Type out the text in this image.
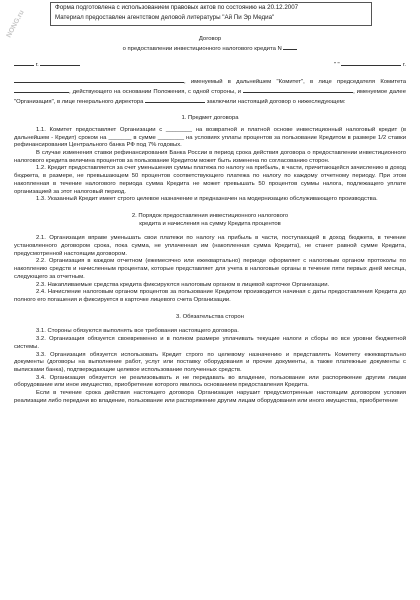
NONG.ru
Форма подготовлена с использованием правовых актов по состоянию на 20.12.2007
Материал предоставлен агентством деловой литературы "Ай Пи Эр Медиа"
Договор
о предоставлении инвестиционного налогового кредита N
г.	" "	г.
, именуемый в дальнейшем "Комитет", в лице председателя Комитета , действующего на основании Положения, с одной стороны, и	, именуемое далее "Организация", в лице генерального директора	заключили настоящий договор о нижеследующем:
1. Предмет договора

1.1. Комитет предоставляет Организации с ________ на возвратной и платной основе инвестиционный налоговый кредит (в дальнейшем - Кредит) сроком на _______ в сумме ________ на условиях уплаты процентов за пользование Кредитом в размере 1/2 ставки рефинансирования Центрального банка РФ под 7% годовых.

В случае изменения ставки рефинансирования Банка России в период срока действия договора о предоставлении инвестиционного налогового кредита величина процентов за пользование Кредитом может быть изменена по согласованию сторон.

1.2. Кредит предоставляется за счет уменьшения суммы платежа по налогу на прибыль, в части, причитающейся зачислению в доход бюджета, в размере, не превышающем 50 процентов соответствующего платежа по налогу по каждому отчетному периоду. При этом накопленная в течение налогового периода сумма Кредита не может превышать 50 процентов суммы налога, подлежащего уплате организацией за этот налоговый период.

1.3. Указанный Кредит имеет строго целевое назначение и предназначен на модернизацию обслуживающего производства.

2. Порядок предоставления инвестиционного налогового
кредита и начисления на сумму Кредита процентов

2.1. Организация вправе уменьшать свои платежи по налогу на прибыль в части, поступающей в доход бюджета, в течение установленного договором срока, пока сумма, не уплаченная им (накопленная сумма Кредита), не станет равной сумме Кредита, предусмотренной настоящим договором.

2.2. Организация в каждом отчетном (ежемесячно или ежеквартально) периоде оформляет с налоговым органом протоколы по накоплению средств и начисленным процентам, которые представляет для учета в налоговые органы в течение пяти первых дней месяца, следующего за отчетным.

2.3. Накапливаемые средства кредита фиксируются налоговым органом в лицевой карточке Организации.

2.4. Начисление налоговым органом процентов за пользование Кредитом производится начиная с даты предоставления Кредита до полного его погашения и фиксируется в карточке лицевого счета Организации.

3. Обязательства сторон

3.1. Стороны обязуются выполнять все требования настоящего договора.

3.2. Организация обязуется своевременно и в полном размере уплачивать текущие налоги и сборы во все уровни бюджетной системы.

3.3. Организация обязуется использовать Кредит строго по целевому назначению и представлять Комитету ежеквартально документы (договоры на выполнение работ, услуг или поставку оборудования и прочие документы, а также платежные документы с выписками банка), подтверждающие целевое использование полученных средств.

3.4. Организация обязуется не реализовывать и не передавать во владение, пользование или распоряжение другим лицам оборудование или иное имущество, приобретение которого явилось основанием предоставления Кредита.

Если в течение срока действия настоящего договора Организация нарушит предусмотренные настоящим договором условия реализации либо передачи во владение, пользование или распоряжение другим лицам оборудования или иного имущества, приобретение
